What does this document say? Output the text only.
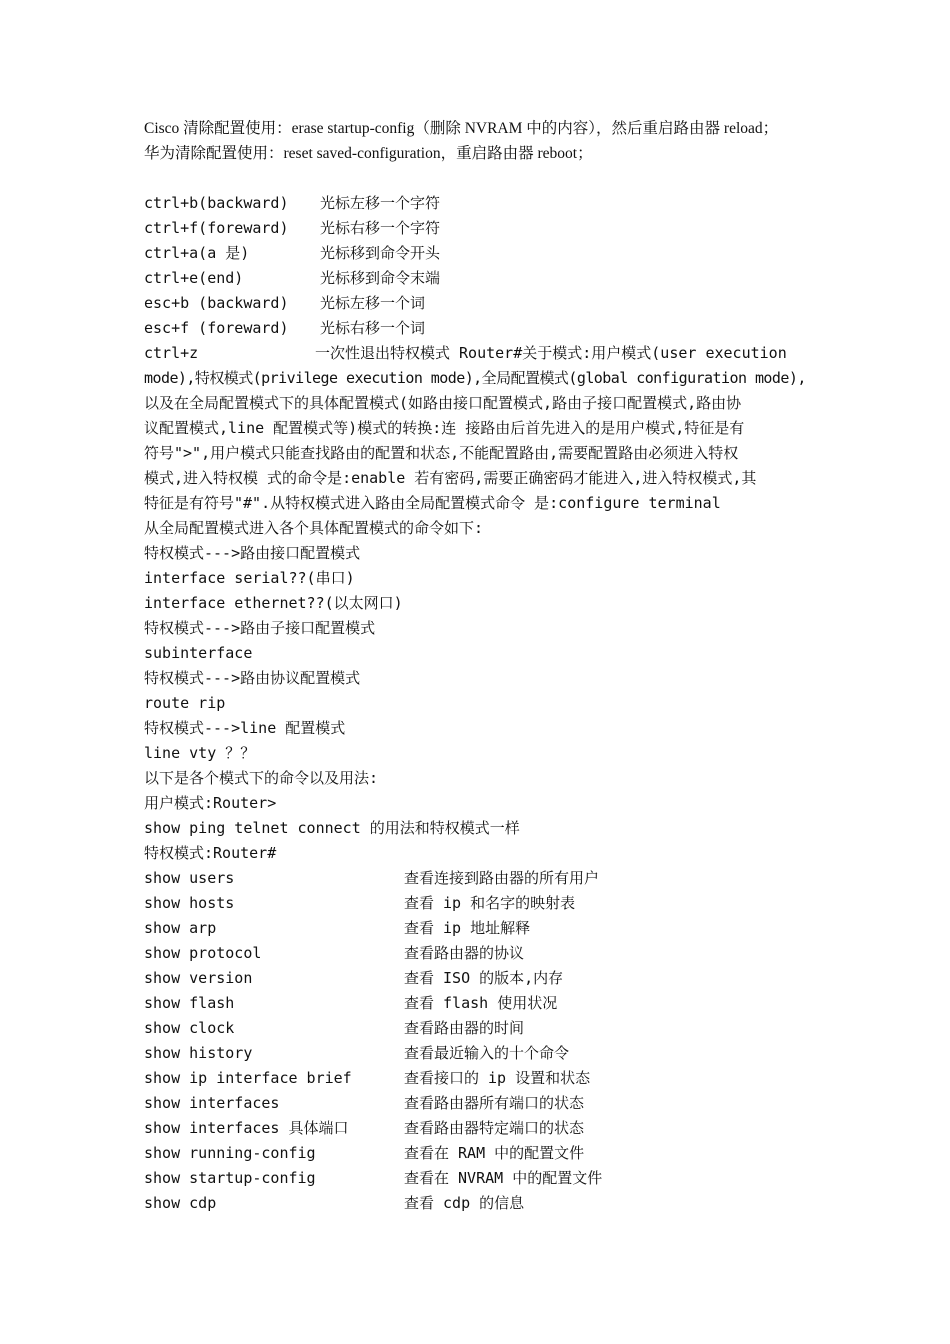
Cisco 清除配置使用：erase startup-config（删除 NVRAM 中的内容），然后重启路由器 reload；
华为清除配置使用：reset saved-configuration，重启路由器 reboot；
ctrl+b(backward)	光标左移一个字符
ctrl+f(foreward)	光标右移一个字符
ctrl+a(a 是)	光标移到命令开头
ctrl+e(end)	光标移到命令末端
esc+b (backward)	光标左移一个词
esc+f (foreward)	光标右移一个词
ctrl+z	一次性退出特权模式 Router#关于模式:用户模式(user execution
mode),特权模式(privilege execution mode),全局配置模式(global configuration mode),
以及在全局配置模式下的具体配置模式(如路由接口配置模式,路由子接口配置模式,路由协
议配置模式,line 配置模式等)模式的转换:连 接路由后首先进入的是用户模式,特征是有
符号">",用户模式只能查找路由的配置和状态,不能配置路由,需要配置路由必须进入特权
模式,进入特权模 式的命令是:enable 若有密码,需要正确密码才能进入,进入特权模式,其
特征是有符号"#".从特权模式进入路由全局配置模式命令 是:configure terminal
从全局配置模式进入各个具体配置模式的命令如下:
特权模式--->路由接口配置模式
interface serial??(串口)
interface ethernet??(以太网口)
特权模式--->路由子接口配置模式
subinterface
特权模式--->路由协议配置模式
route rip
特权模式--->line 配置模式
line vty ？？
以下是各个模式下的命令以及用法:
用户模式:Router>
show ping telnet connect 的用法和特权模式一样
特权模式:Router#
show users	查看连接到路由器的所有用户
show hosts	查看 ip 和名字的映射表
show arp	查看 ip 地址解释
show protocol	查看路由器的协议
show version	查看 ISO 的版本,内存
show flash	查看 flash 使用状况
show clock	查看路由器的时间
show history	查看最近输入的十个命令
show ip interface brief	查看接口的 ip 设置和状态
show interfaces	查看路由器所有端口的状态
show interfaces 具体端口	查看路由器特定端口的状态
show running-config	查看在 RAM 中的配置文件
show startup-config	查看在 NVRAM 中的配置文件
show cdp	查看 cdp 的信息
